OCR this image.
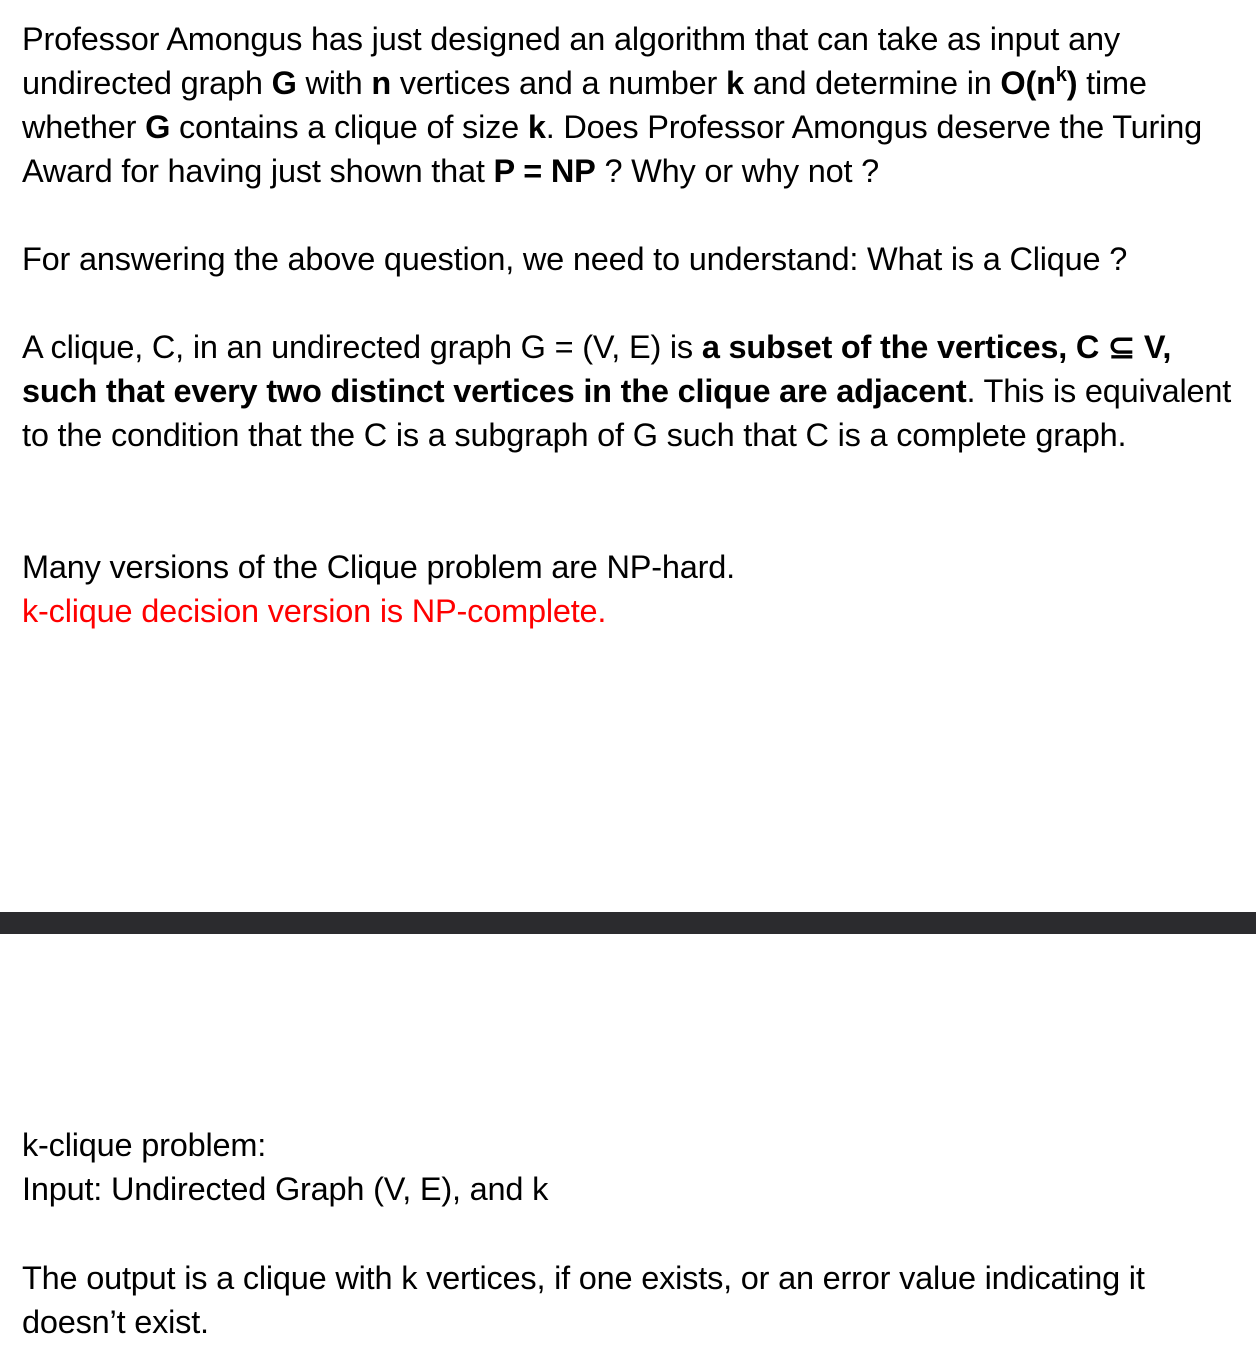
Professor Amongus has just designed an algorithm that can take as input any undirected graph G with n vertices and a number k and determine in $O(n^k)$ time whether G contains a clique of size k. Does Professor Amongus deserve the Turing Award for having just shown that P = NP ? Why or why not ?

For answering the above question, we need to understand: What is a Clique ?

A clique, C, in an undirected graph G = (V, E) is a subset of the vertices, C ⊆ V, such that every two distinct vertices in the clique are adjacent. This is equivalent to the condition that the C is a subgraph of G such that C is a complete graph.

Many versions of the Clique problem are NP-hard.

k-clique decision version is NP-complete.

k-clique problem:

Input: Undirected Graph (V, E), and k

The output is a clique with k vertices, if one exists, or an error value indicating it doesn’t exist.
